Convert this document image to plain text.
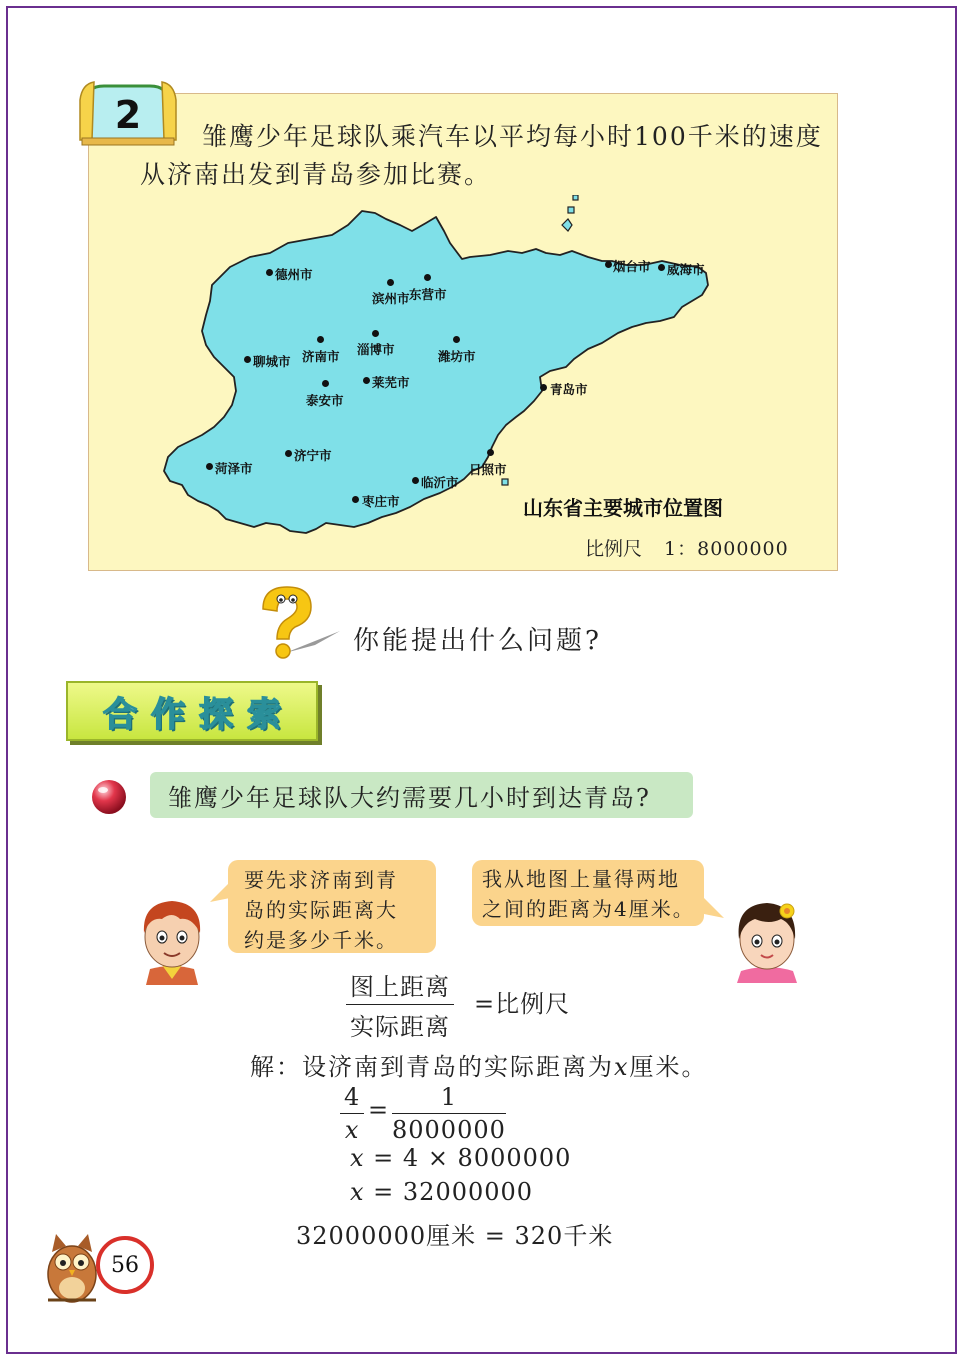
2	雏鹰少年足球队乘汽车以平均每小时100千米的速度
从济南出发到青岛参加比赛。
德州市
滨州市 东营市
烟台市 威海市
聊城市 济南市 淄博市	潍坊市
莱芜市
泰安市
青岛市
菏泽市
济宁市
日照市
临沂市
枣庄市	山东省主要城市位置图
比例尺 1：8000000
你能提出什么问题?
合作探索
雏鹰少年足球队大约需要几小时到达青岛?
要先求济南到青
岛的实际距离大
约是多少千米。
我从地图上量得两地
之间的距离为4厘米。
图上距离
实际距离
=比例尺
解：设济南到青岛的实际距离为x厘米。
$\frac{4}{x} = \frac{1}{8000000}$
x = 4 × 8000000
x = 32000000
32000000厘米 = 320千米
56
